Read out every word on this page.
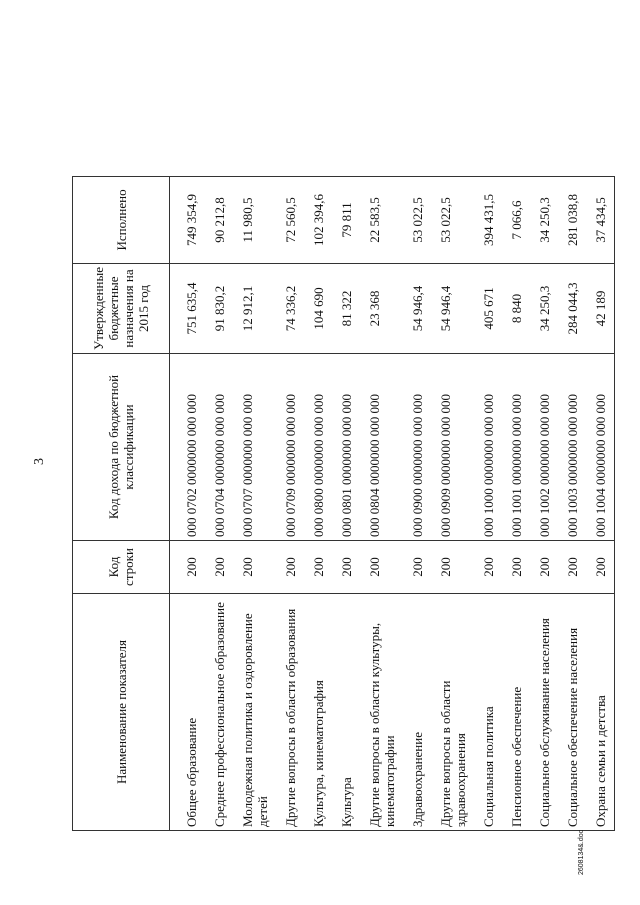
3
Наименование показателя	Код строки	Код дохода по бюджетной классификации	Утвержденные бюджетные назначения на 2015 год	Исполнено
Общее образование	200	000 0702 0000000 000 000	751 635,4	749 354,9
Среднее профессиональное образование	200	000 0704 0000000 000 000	91 830,2	90 212,8
Молодежная политика и оздоровление детей	200	000 0707 0000000 000 000	12 912,1	11 980,5
Другие вопросы в области образования	200	000 0709 0000000 000 000	74 336,2	72 560,5
Культура, кинематография	200	000 0800 0000000 000 000	104 690	102 394,6
Культура	200	000 0801 0000000 000 000	81 322	79 811
Другие вопросы в области культуры, кинематографии	200	000 0804 0000000 000 000	23 368	22 583,5
Здравоохранение	200	000 0900 0000000 000 000	54 946,4	53 022,5
Другие вопросы в области здравоохранения	200	000 0909 0000000 000 000	54 946,4	53 022,5
Социальная политика	200	000 1000 0000000 000 000	405 671	394 431,5
Пенсионное обеспечение	200	000 1001 0000000 000 000	8 840	7 066,6
Социальное обслуживание населения	200	000 1002 0000000 000 000	34 250,3	34 250,3
Социальное обеспечение населения	200	000 1003 0000000 000 000	284 044,3	281 038,8
Охрана семьи и детства	200	000 1004 0000000 000 000	42 189	37 434,5
2608134&.doc
